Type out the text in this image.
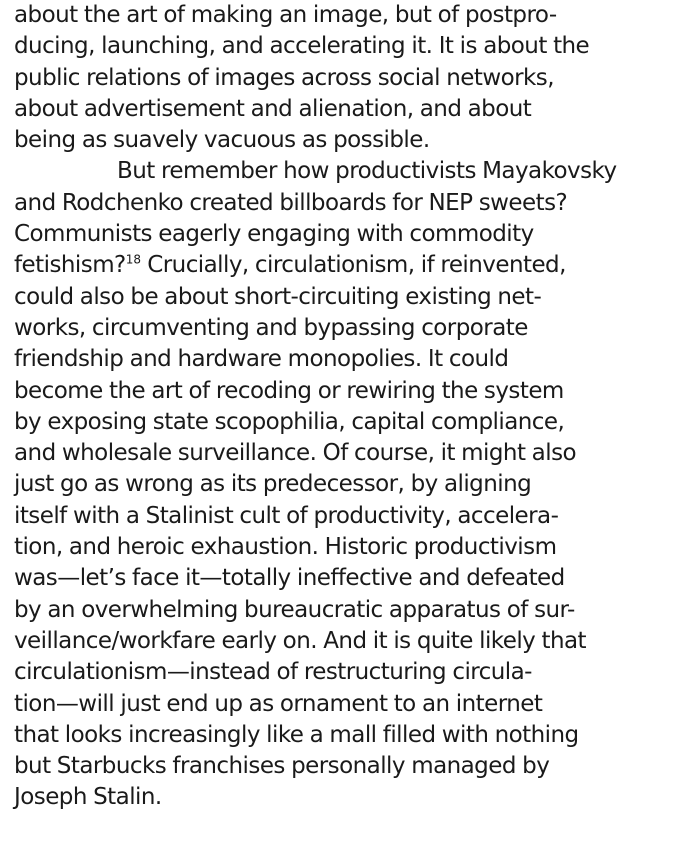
about the art of making an image, but of postpro-
ducing, launching, and accelerating it. It is about the
public relations of images across social networks,
about advertisement and alienation, and about
being as suavely vacuous as possible.
But remember how productivists Mayakovsky
and Rodchenko created billboards for NEP sweets?
Communists eagerly engaging with commodity
fetishism?$^{18}$ Crucially, circulationism, if reinvented,
could also be about short-circuiting existing net-
works, circumventing and bypassing corporate
friendship and hardware monopolies. It could
become the art of recoding or rewiring the system
by exposing state scopophilia, capital compliance,
and wholesale surveillance. Of course, it might also
just go as wrong as its predecessor, by aligning
itself with a Stalinist cult of productivity, accelera-
tion, and heroic exhaustion. Historic productivism
was—let’s face it—totally ineffective and defeated
by an overwhelming bureaucratic apparatus of sur-
veillance/workfare early on. And it is quite likely that
circulationism—instead of restructuring circula-
tion—will just end up as ornament to an internet
that looks increasingly like a mall filled with nothing
but Starbucks franchises personally managed by
Joseph Stalin.
